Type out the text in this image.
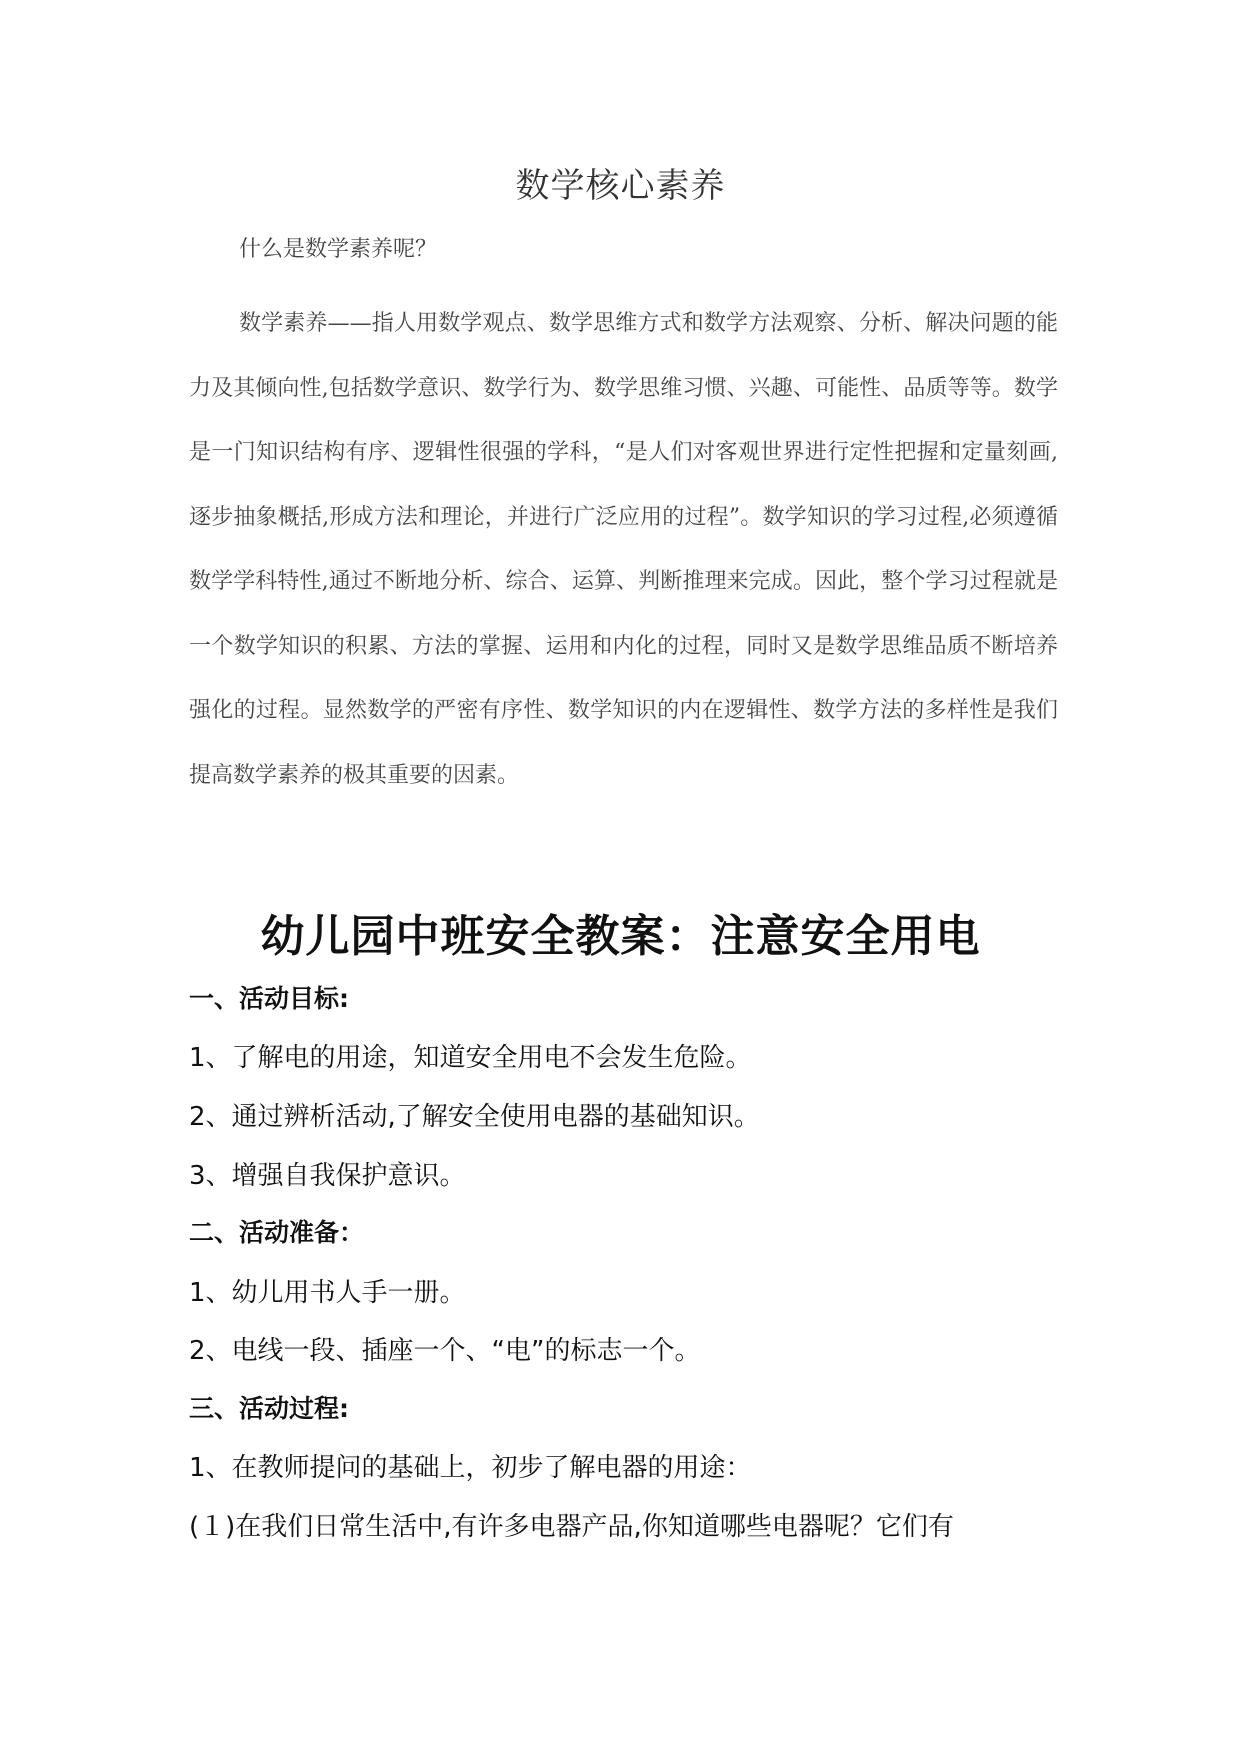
数学核心素养

什么是数学素养呢？

数学素养——指人用数学观点、数学思维方式和数学方法观察、分析、解决问题的能力及其倾向性,包括数学意识、数学行为、数学思维习惯、兴趣、可能性、品质等等。数学是一门知识结构有序、逻辑性很强的学科，“是人们对客观世界进行定性把握和定量刻画,逐步抽象概括,形成方法和理论，并进行广泛应用的过程”。数学知识的学习过程,必须遵循数学学科特性,通过不断地分析、综合、运算、判断推理来完成。因此，整个学习过程就是一个数学知识的积累、方法的掌握、运用和内化的过程，同时又是数学思维品质不断培养强化的过程。显然数学的严密有序性、数学知识的内在逻辑性、数学方法的多样性是我们提高数学素养的极其重要的因素。

幼儿园中班安全教案：注意安全用电

一、活动目标:

1、了解电的用途，知道安全用电不会发生危险。

2、通过辨析活动,了解安全使用电器的基础知识。

3、增强自我保护意识。

二、活动准备：

1、幼儿用书人手一册。

2、电线一段、插座一个、“电”的标志一个。

三、活动过程:

1、在教师提问的基础上，初步了解电器的用途：

(１)在我们日常生活中,有许多电器产品,你知道哪些电器呢？它们有
